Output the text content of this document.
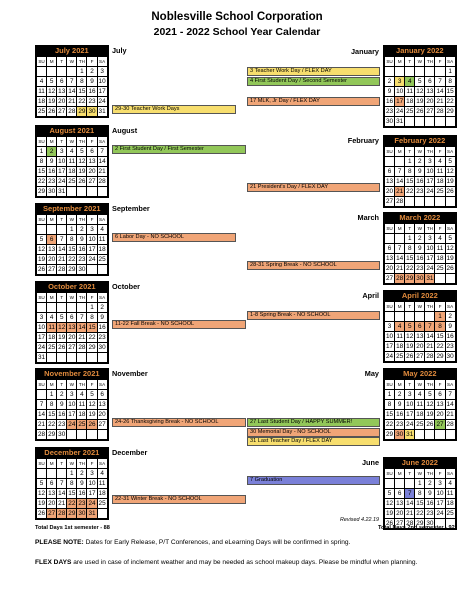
Noblesville School Corporation
2021 - 2022 School Year Calendar
July 2021
SU	M	T	W	TH	F	SA
				1	2	3
4	5	6	7	8	9	10
11	12	13	14	15	16	17
18	19	20	21	22	23	24
25	26	27	28	29	30	31
August 2021
SU	M	T	W	TH	F	SA
1	2	3	4	5	6	7
8	9	10	11	12	13	14
15	16	17	18	19	20	21
22	23	24	25	26	27	28
29	30	31				
September 2021
SU	M	T	W	TH	F	SA
			1	2	3	4
5	6	7	8	9	10	11
12	13	14	15	16	17	18
19	20	21	22	23	24	25
26	27	28	29	30		
October 2021
SU	M	T	W	TH	F	SA
					1	2
3	4	5	6	7	8	9
10	11	12	13	14	15	16
17	18	19	20	21	22	23
24	25	26	27	28	29	30
31						
November 2021
SU	M	T	W	TH	F	SA
	1	2	3	4	5	6
7	8	9	10	11	12	13
14	15	16	17	18	19	20
21	22	23	24	25	26	27
28	29	30				
December 2021
SU	M	T	W	TH	F	SA
			1	2	3	4
5	6	7	8	9	10	11
12	13	14	15	16	17	18
19	20	21	22	23	24	25
26	27	28	29	30	31	
January 2022
SU	M	T	W	TH	F	SA
						1
2	3	4	5	6	7	8
9	10	11	12	13	14	15
16	17	18	19	20	21	22
23	24	25	26	27	28	29
30	31					
February 2022
SU	M	T	W	TH	F	SA
		1	2	3	4	5
6	7	8	9	10	11	12
13	14	15	16	17	18	19
20	21	22	23	24	25	26
27	28					
March 2022
SU	M	T	W	TH	F	SA
		1	2	3	4	5
6	7	8	9	10	11	12
13	14	15	16	17	18	19
20	21	22	23	24	25	26
27	28	29	30	31		
April 2022
SU	M	T	W	TH	F	SA
					1	2
3	4	5	6	7	8	9
10	11	12	13	14	15	16
17	18	19	20	21	22	23
24	25	26	27	28	29	30
May 2022
SU	M	T	W	TH	F	SA
1	2	3	4	5	6	7
8	9	10	11	12	13	14
15	16	17	18	19	20	21
22	23	24	25	26	27	28
29	30	31				
June 2022
SU	M	T	W	TH	F	SA
			1	2	3	4
5	6	7	8	9	10	11
12	13	14	15	16	17	18
19	20	21	22	23	24	25
26	27	28	29	30		
July
August
September
October
November
December
January
February
March
April
May
June
29-30 Teacher Work Days
2 First Student Day / First Semester
6 Labor Day - NO SCHOOL
11-22 Fall Break - NO SCHOOL
24-26 Thanksgiving Break - NO SCHOOL
22-31 Winter Break - NO SCHOOL
3 Teacher Work Day / FLEX DAY
4 First Student Day / Second Semester
17 MLK, Jr Day / FLEX DAY
21 President's Day / FLEX DAY
28-31 Spring Break - NO SCHOOL
1-8 Spring Break - NO SCHOOL
27 Last Student Day / HAPPY SUMMER!
30 Memorial Day - NO SCHOOL
31 Last Teacher Day / FLEX DAY
7 Graduation
Total Days 1st semester - 88
Revised 4.22.19
Total Days 2nd semester - 92
PLEASE NOTE: Dates for Early Release, P/T Conferences, and eLearning Days will be confirmed in spring.
FLEX DAYS are used in case of inclement weather and may be needed as school makeup days. Please be mindful when planning.
